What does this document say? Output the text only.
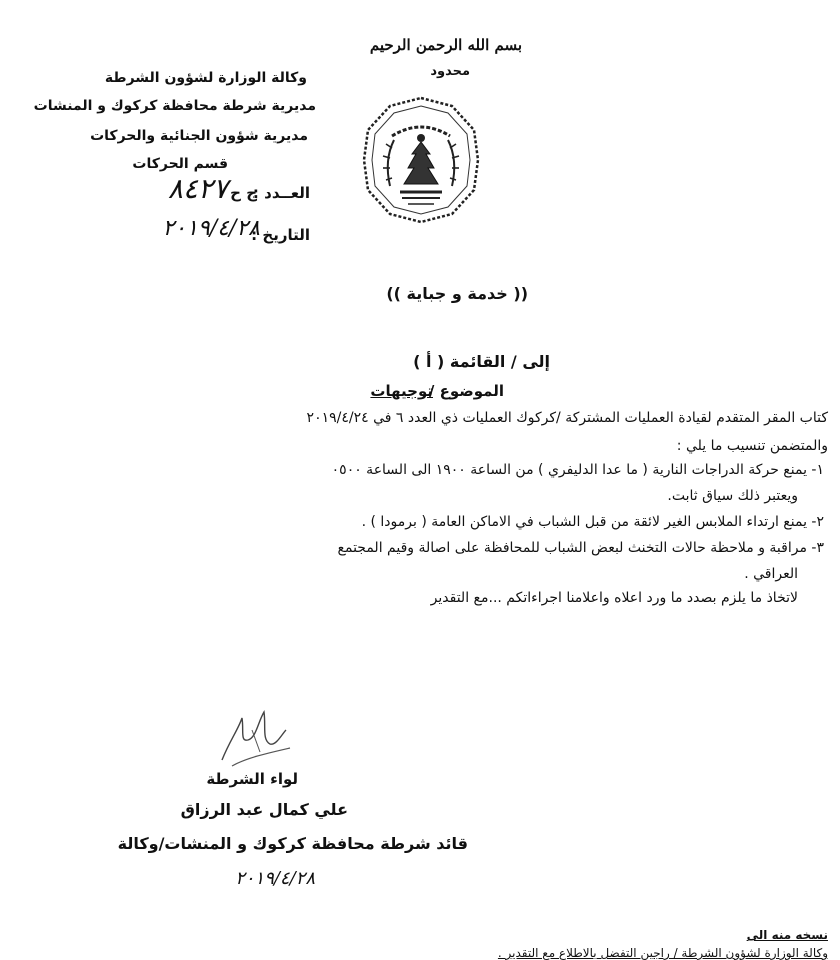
بسم الله الرحمن الرحيم
محدود
وكالة الوزارة لشؤون الشرطة
مديرية شرطة محافظة كركوك و المنشات
مديرية شؤون الجنائية والحركات
قسم الحركات
العــدد :
ج ح
٨٤٢٧
التاريخ :
٢٠١٩/٤/٢٨
(( خدمة و جباية ))
إلى / القائمة ( أ )
الموضوع /
توجيهات
كتاب المقر المتقدم لقيادة العمليات المشتركة /كركوك العمليات ذي العدد ٦ في ٢٠١٩/٤/٢٤
والمتضمن تنسيب ما يلي :
١- يمنع حركة الدراجات النارية ( ما عدا الدليفري ) من الساعة ١٩٠٠ الى الساعة ٠٥٠٠
ويعتبر ذلك سياق ثابت.
٢- يمنع ارتداء الملابس الغير لائقة من قبل الشباب في الاماكن العامة ( برمودا ) .
٣- مراقبة و ملاحظة حالات التخنث لبعض الشباب للمحافظة على اصالة وقيم المجتمع
العراقي .
لاتخاذ ما يلزم بصدد ما ورد اعلاه واعلامنا اجراءاتكم ...مع التقدير
لواء الشرطة
علي كمال عبد الرزاق
قائد شرطة محافظة كركوك و المنشات/وكالة
٢٠١٩/٤/٢٨
نسخه منه الى
وكالة الوزارة لشؤون الشرطة / راجين التفضل بالاطلاع مع التقدير .
